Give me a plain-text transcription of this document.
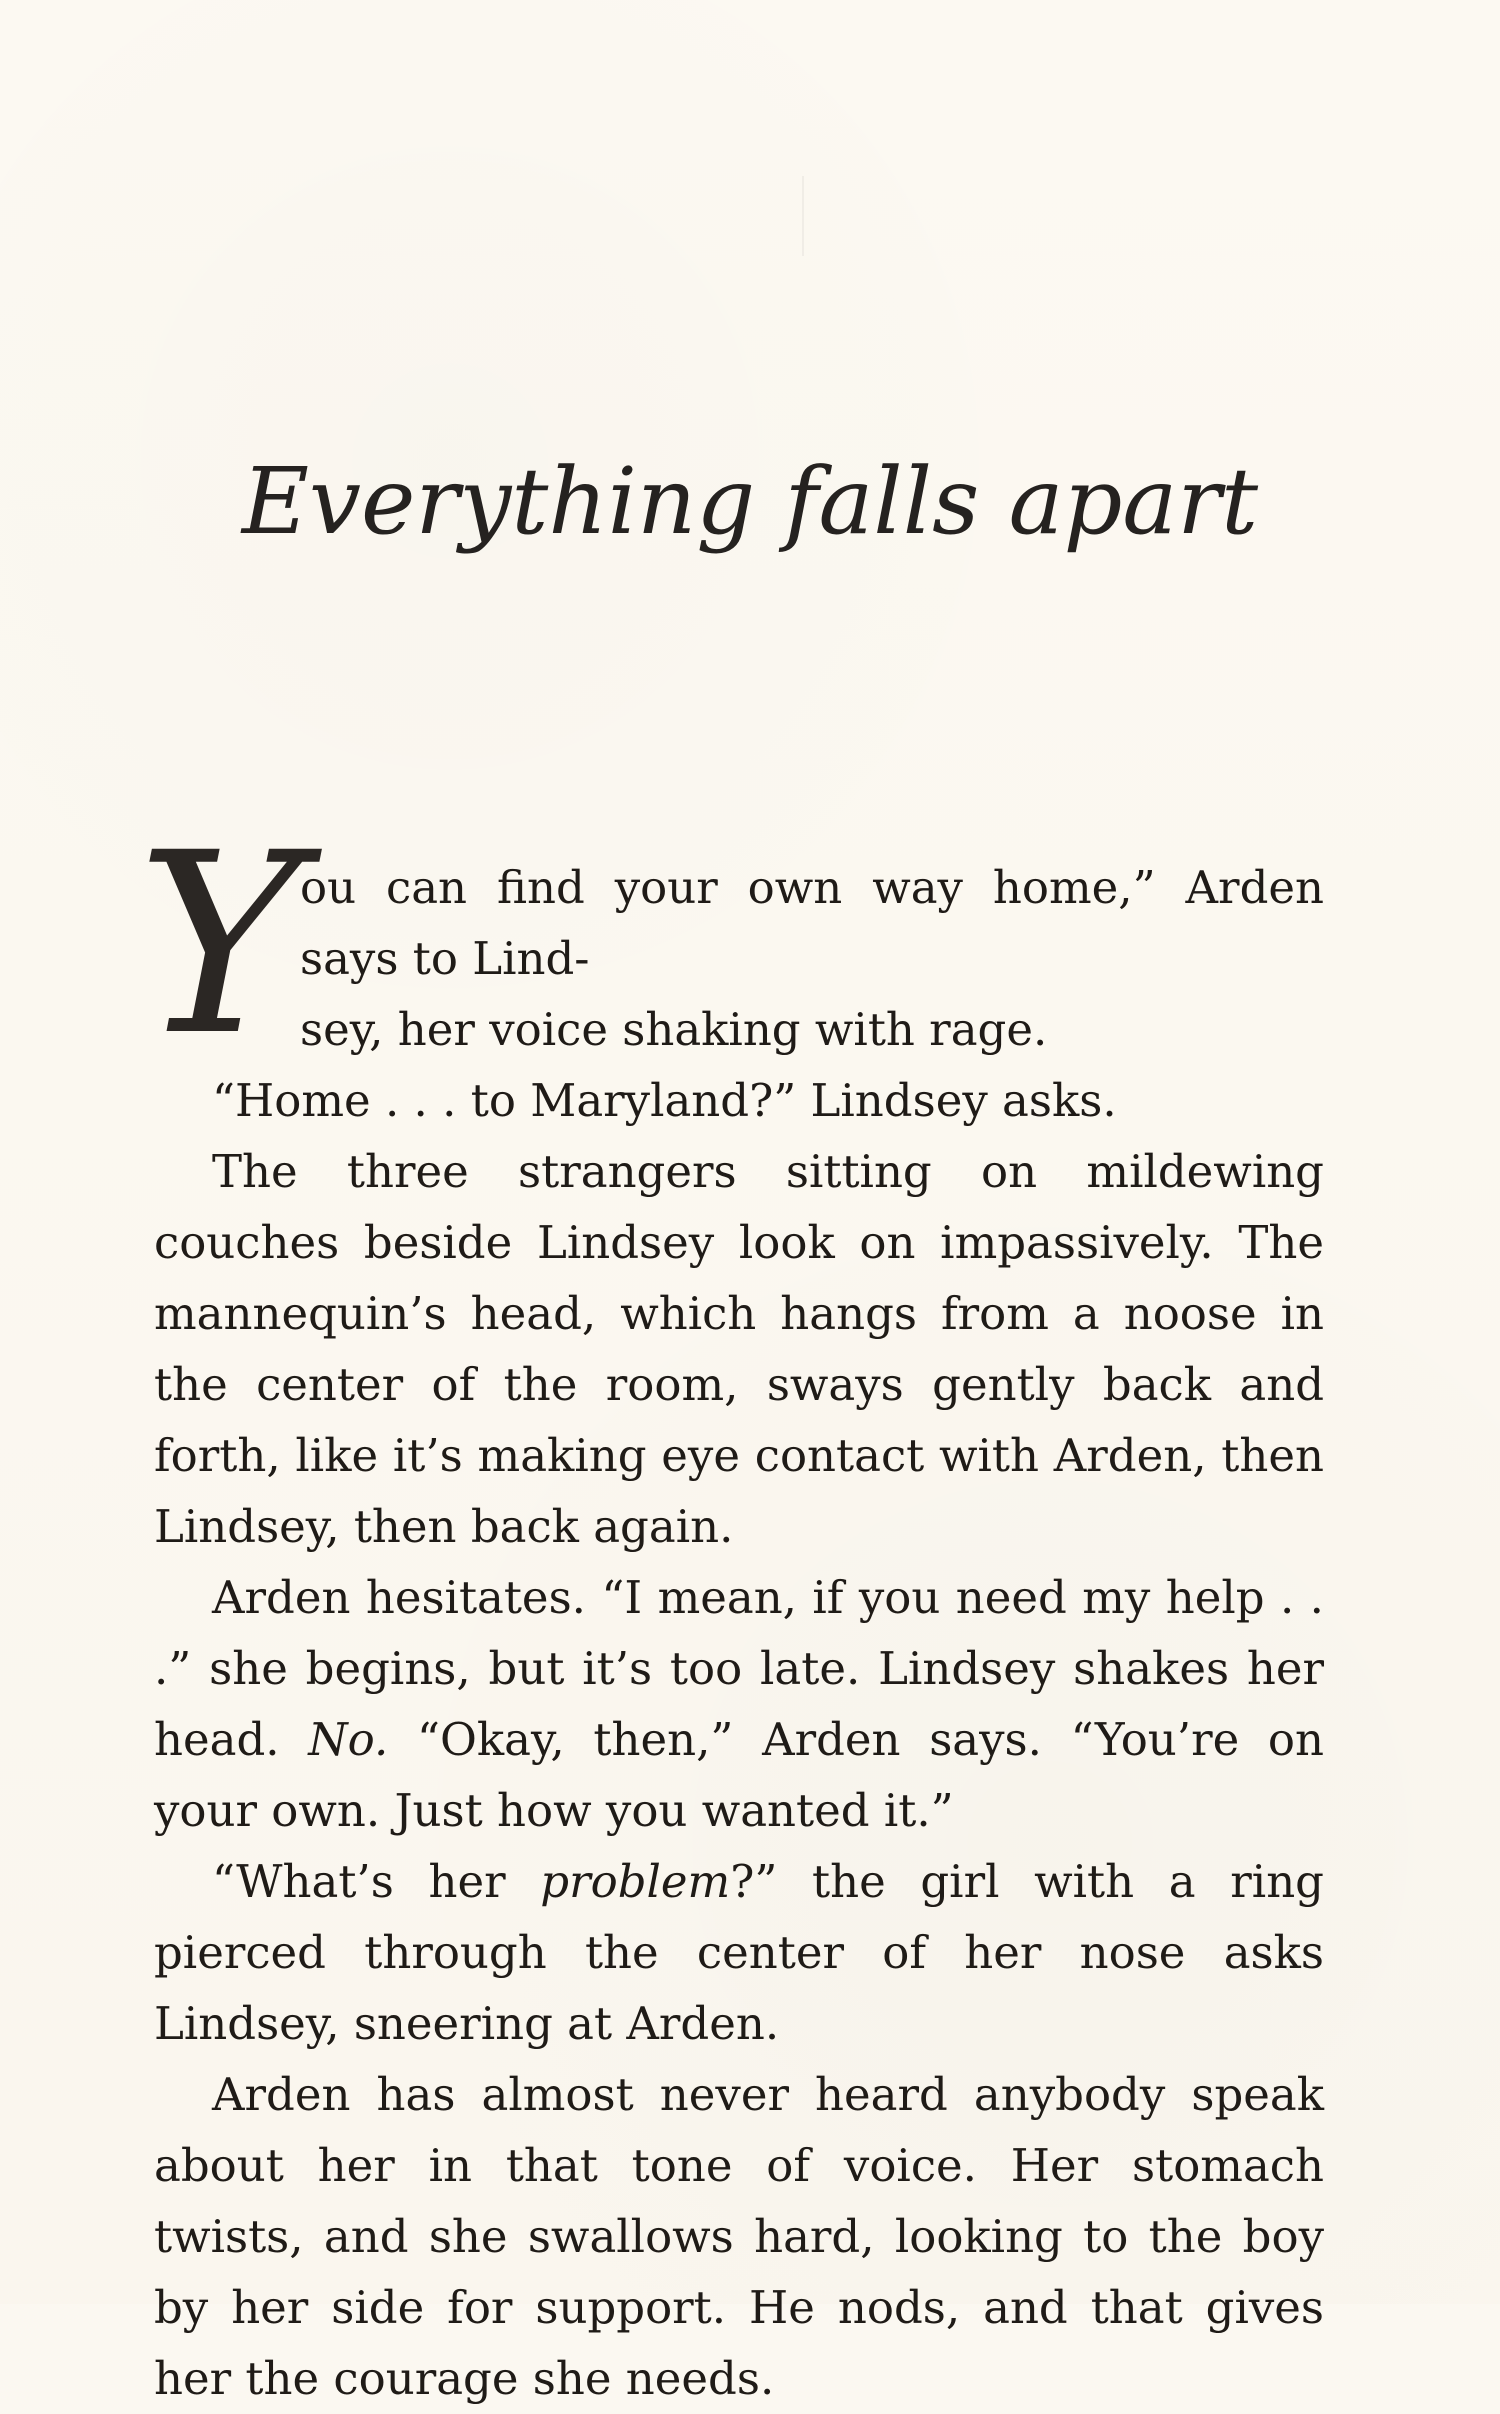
Everything falls apart
Y

ou can find your own way home,” Arden says to Lind-
sey, her voice shaking with rage.

“Home . . . to Maryland?” Lindsey asks.

The three strangers sitting on mildewing couches beside Lindsey look on impassively. The mannequin’s head, which hangs from a noose in the center of the room, sways gently back and forth, like it’s making eye contact with Arden, then Lindsey, then back again.

Arden hesitates. “I mean, if you need my help . . .” she begins, but it’s too late. Lindsey shakes her head. No. “Okay, then,” Arden says. “You’re on your own. Just how you wanted it.”

“What’s her problem?” the girl with a ring pierced through the center of her nose asks Lindsey, sneering at Arden.

Arden has almost never heard anybody speak about her in that tone of voice. Her stomach twists, and she swallows hard, looking to the boy by her side for support. He nods, and that gives her the courage she needs.
